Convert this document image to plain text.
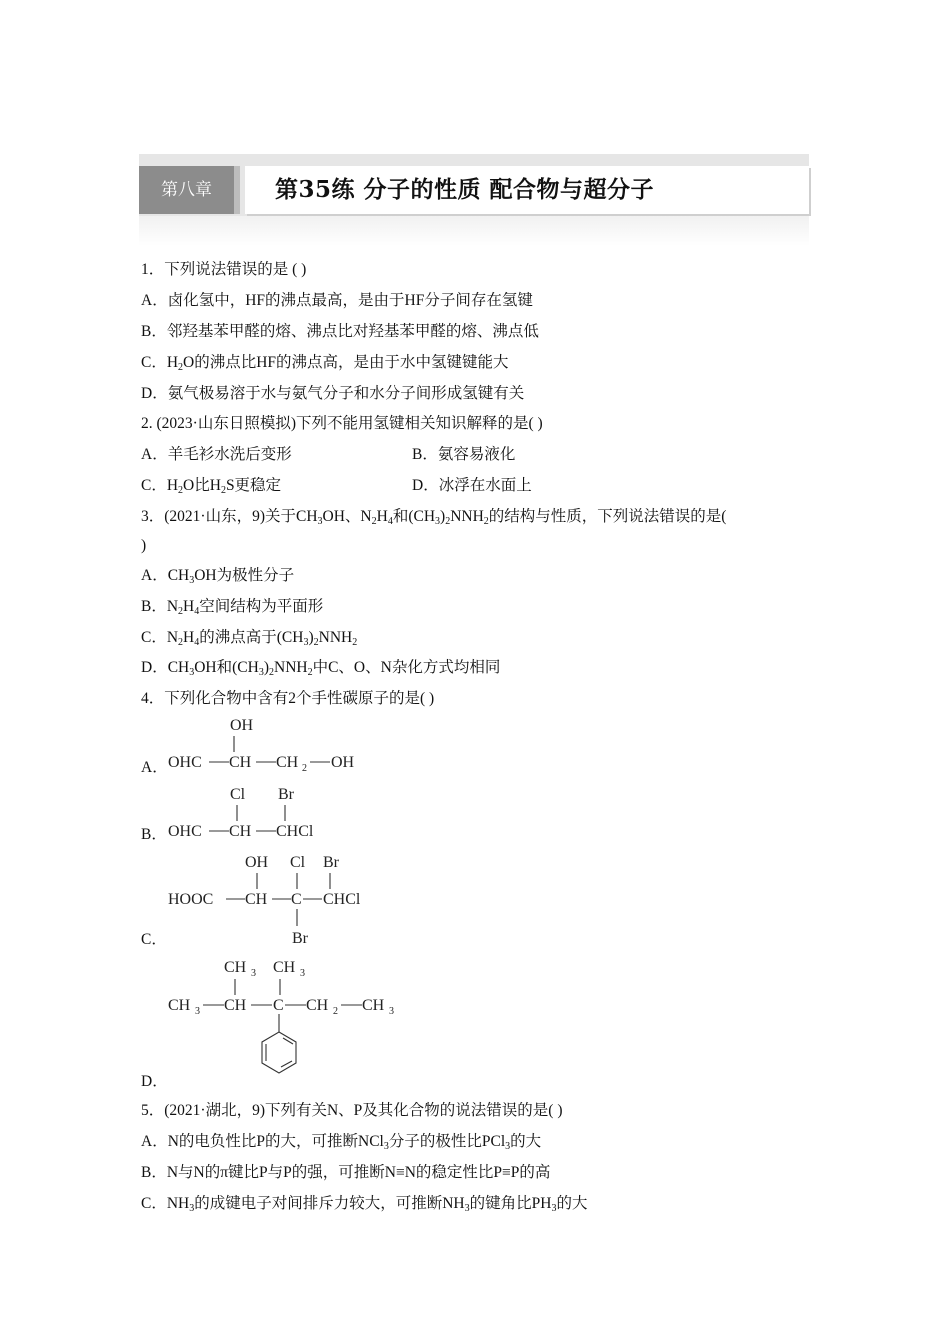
第八章	第35练 分子的性质 配合物与超分子
1．下列说法错误的是 ( )
A．卤化氢中，HF的沸点最高，是由于HF分子间存在氢键
B．邻羟基苯甲醛的熔、沸点比对羟基苯甲醛的熔、沸点低
C．$H_2O$的沸点比HF的沸点高，是由于水中氢键键能大
D．氨气极易溶于水与氨气分子和水分子间形成氢键有关
2. (2023·山东日照模拟)下列不能用氢键相关知识解释的是( )
A．羊毛衫水洗后变形	B．氨容易液化
C．$H_2O$比$H_2S$更稳定	D．冰浮在水面上
3．(2021·山东，9)关于$CH_3OH$、$N_2H_4$和$(CH_3)_2NNH_2$的结构与性质，下列说法错误的是(
)
A．$CH_3OH$为极性分子
B．$N_2H_4$空间结构为平面形
C．$N_2H_4$的沸点高于$(CH_3)_2NNH_2$
D．$CH_3OH$和$(CH_3)_2NNH_2$中C、O、N杂化方式均相同
4．下列化合物中含有2个手性碳原子的是( )
A．
B．
C．
D．
OH
OHC CH CH 2 OH
Cl Br
OHC CH CHCl
OH Cl Br
HOOC CH C CHCl
Br
CH 3 CH 3
CH 3 CH C CH 2 CH 3
5．(2021·湖北，9)下列有关N、P及其化合物的说法错误的是( )
A．N的电负性比P的大，可推断NCl$_3$分子的极性比PCl$_3$的大
B．N与N的π键比P与P的强，可推断N≡N的稳定性比P≡P的高
C．$NH_3$的成键电子对间排斥力较大，可推断$NH_3$的键角比$PH_3$的大
